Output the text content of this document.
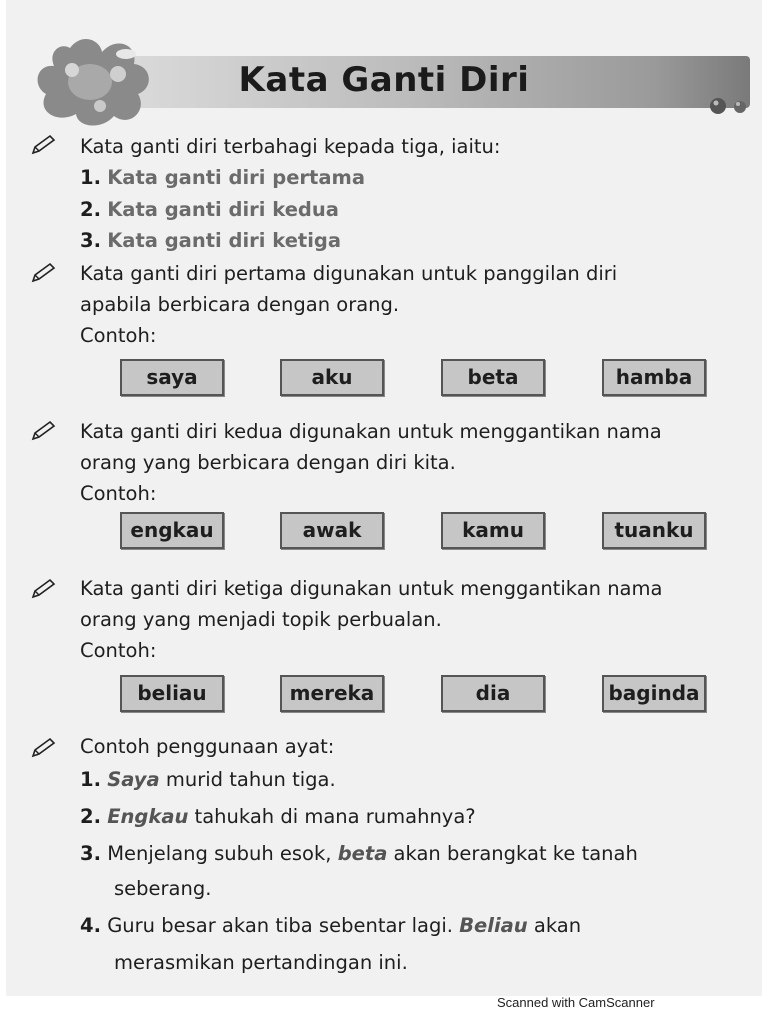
Kata Ganti Diri
Kata ganti diri terbahagi kepada tiga, iaitu:
1. Kata ganti diri pertama
2. Kata ganti diri kedua
3. Kata ganti diri ketiga
Kata ganti diri pertama digunakan untuk panggilan diri
apabila berbicara dengan orang.
Contoh:
saya	aku	beta	hamba
Kata ganti diri kedua digunakan untuk menggantikan nama
orang yang berbicara dengan diri kita.
Contoh:
engkau	awak	kamu	tuanku
Kata ganti diri ketiga digunakan untuk menggantikan nama
orang yang menjadi topik perbualan.
Contoh:
beliau	mereka	dia	baginda
Contoh penggunaan ayat:
1. Saya murid tahun tiga.
2. Engkau tahukah di mana rumahnya?
3. Menjelang subuh esok, beta akan berangkat ke tanah
seberang.
4. Guru besar akan tiba sebentar lagi. Beliau akan
merasmikan pertandingan ini.
Scanned with CamScanner
